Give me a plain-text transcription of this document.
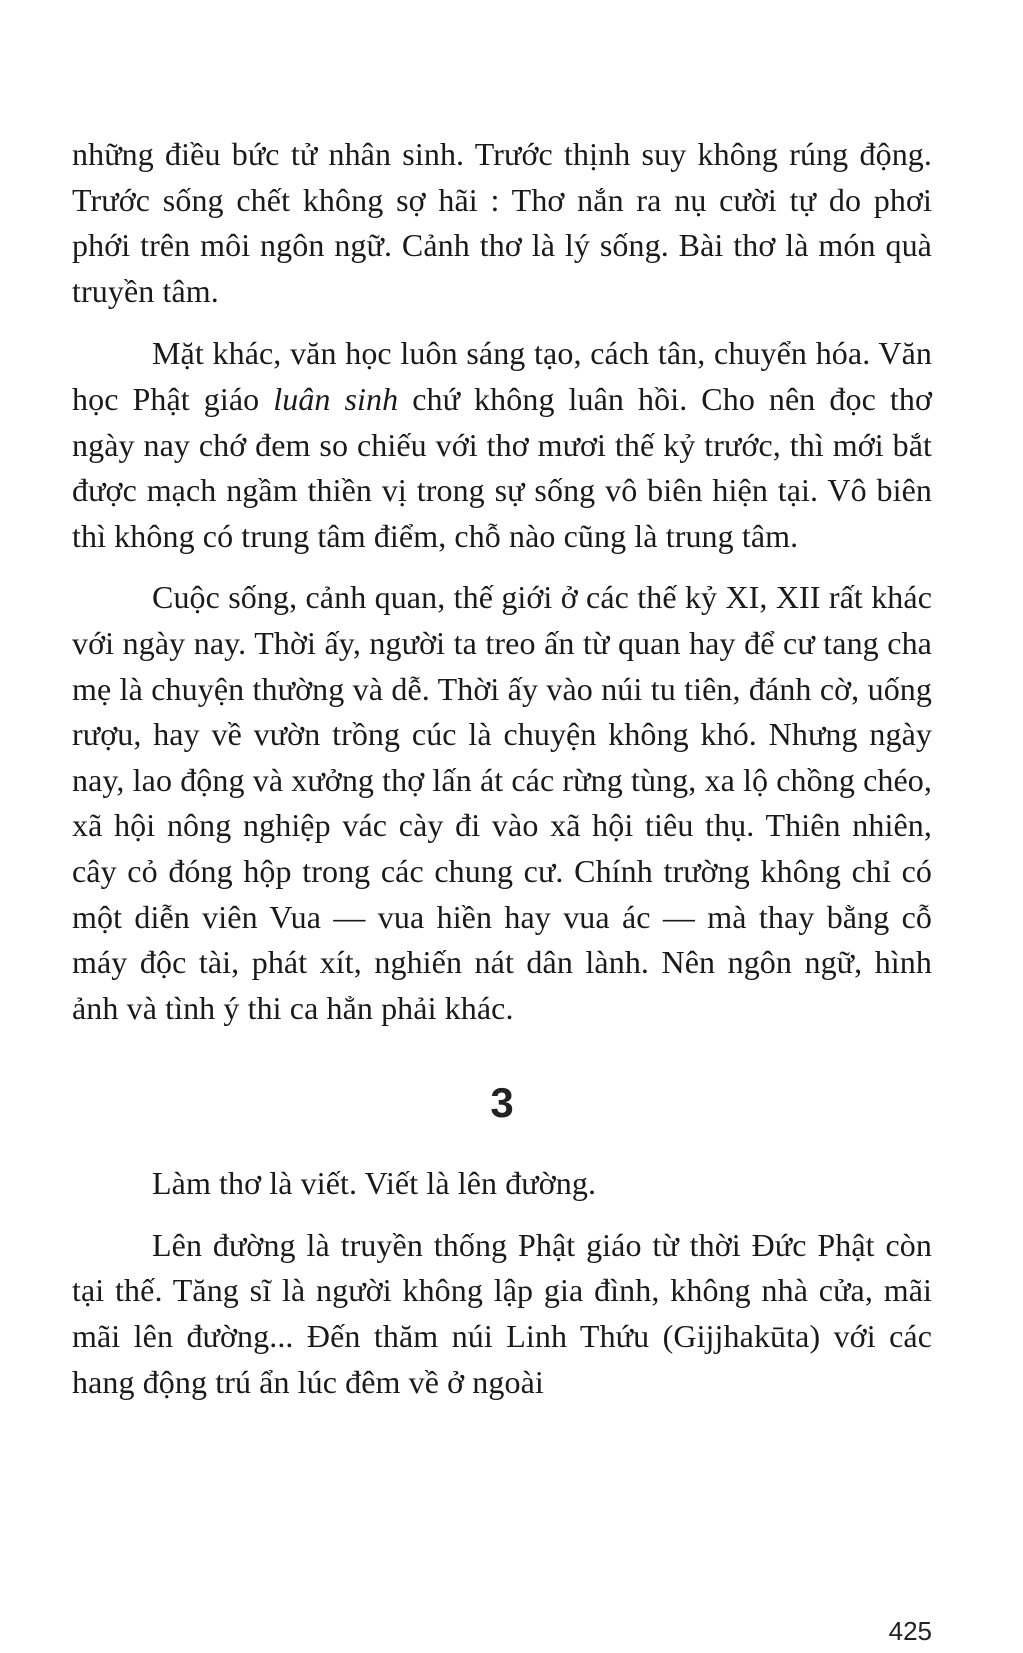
những điều bức tử nhân sinh. Trước thịnh suy không rúng động. Trước sống chết không sợ hãi : Thơ nắn ra nụ cười tự do phơi phới trên môi ngôn ngữ. Cảnh thơ là lý sống. Bài thơ là món quà truyền tâm.

Mặt khác, văn học luôn sáng tạo, cách tân, chuyển hóa. Văn học Phật giáo luân sinh chứ không luân hồi. Cho nên đọc thơ ngày nay chớ đem so chiếu với thơ mươi thế kỷ trước, thì mới bắt được mạch ngầm thiền vị trong sự sống vô biên hiện tại. Vô biên thì không có trung tâm điểm, chỗ nào cũng là trung tâm.

Cuộc sống, cảnh quan, thế giới ở các thế kỷ XI, XII rất khác với ngày nay. Thời ấy, người ta treo ấn từ quan hay để cư tang cha mẹ là chuyện thường và dễ. Thời ấy vào núi tu tiên, đánh cờ, uống rượu, hay về vườn trồng cúc là chuyện không khó. Nhưng ngày nay, lao động và xưởng thợ lấn át các rừng tùng, xa lộ chồng chéo, xã hội nông nghiệp vác cày đi vào xã hội tiêu thụ. Thiên nhiên, cây cỏ đóng hộp trong các chung cư. Chính trường không chỉ có một diễn viên Vua — vua hiền hay vua ác — mà thay bằng cỗ máy độc tài, phát xít, nghiến nát dân lành. Nên ngôn ngữ, hình ảnh và tình ý thi ca hẳn phải khác.

3

Làm thơ là viết. Viết là lên đường.

Lên đường là truyền thống Phật giáo từ thời Đức Phật còn tại thế. Tăng sĩ là người không lập gia đình, không nhà cửa, mãi mãi lên đường... Đến thăm núi Linh Thứu (Gijjhakūta) với các hang động trú ẩn lúc đêm về ở ngoài

425
